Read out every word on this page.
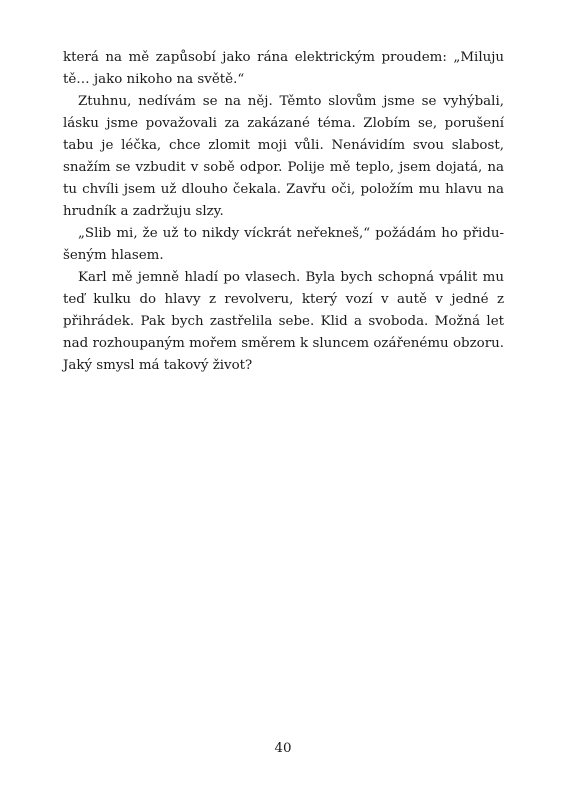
která na mě zapůsobí jako rána elektrickým proudem: „Miluju tě… jako nikoho na světě.“

Ztuhnu, nedívám se na něj. Těmto slovům jsme se vyhýbali, lásku jsme považovali za zakázané téma. Zlobím se, porušení tabu je léčka, chce zlomit moji vůli. Nenávidím svou slabost, snažím se vzbudit v sobě odpor. Polije mě teplo, jsem dojatá, na tu chvíli jsem už dlouho čekala. Zavřu oči, položím mu hlavu na hrudník a zadržuju slzy.

„Slib mi, že už to nikdy víckrát neřekneš,“ požádám ho přidušeným hlasem.

Karl mě jemně hladí po vlasech. Byla bych schopná vpálit mu teď kulku do hlavy z revolveru, který vozí v autě v jedné z přihrádek. Pak bych zastřelila sebe. Klid a svoboda. Možná let nad rozhoupaným mořem směrem k sluncem ozářenému obzoru. Jaký smysl má takový život?

40
